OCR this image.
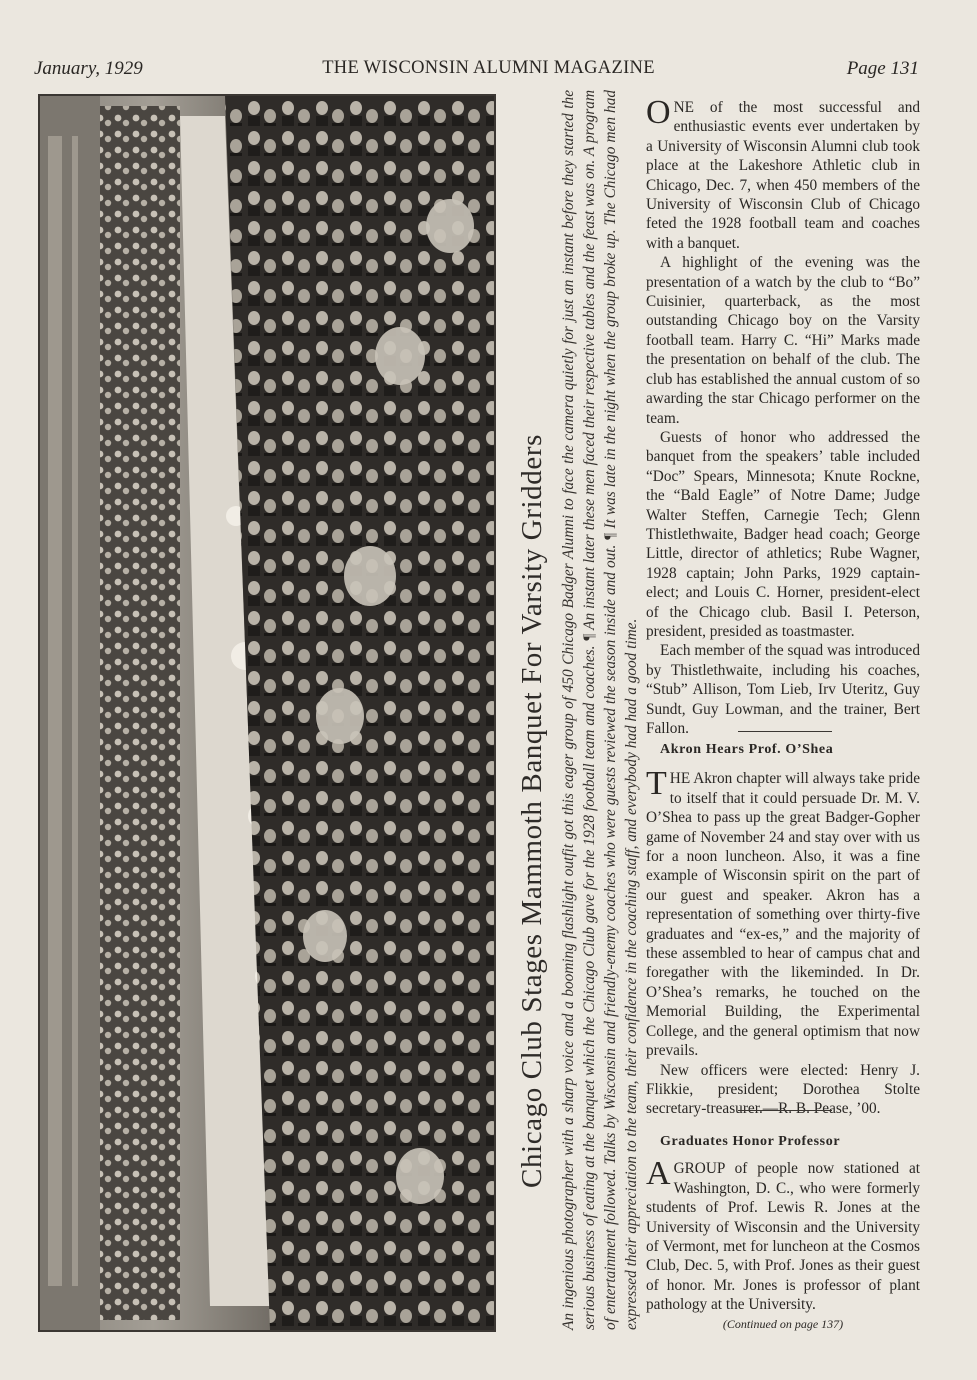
January, 1929	THE WISCONSIN ALUMNI MAGAZINE	Page 131
Chicago Club Stages Mammoth Banquet For Varsity Gridders An ingenious photographer with a sharp voice and a booming flashlight outfit got this eager group of 450 Chicago Badger Alumni to face the camera quietly for just an instant before they started the serious business of eating at the banquet which the Chicago Club gave for the 1928 football team and coaches. ¶ An instant later these men faced their respective tables and the feast was on. A program of entertainment followed. Talks by Wisconsin and friendly-enemy coaches who were guests reviewed the season inside and out. ¶ It was late in the night when the group broke up. The Chicago men had expressed their appreciation to the team, their confidence in the coaching staff, and everybody had had a good time.

ONE of the most successful and enthusiastic events ever undertaken by a University of Wisconsin Alumni club took place at the Lakeshore Athletic club in Chicago, Dec. 7, when 450 members of the University of Wisconsin Club of Chicago feted the 1928 football team and coaches with a banquet.

A highlight of the evening was the presentation of a watch by the club to “Bo” Cuisinier, quarterback, as the most outstanding Chicago boy on the Varsity football team. Harry C. “Hi” Marks made the presentation on behalf of the club. The club has established the annual custom of so awarding the star Chicago performer on the team.

Guests of honor who addressed the banquet from the speakers’ table included “Doc” Spears, Minnesota; Knute Rockne, the “Bald Eagle” of Notre Dame; Judge Walter Steffen, Carnegie Tech; Glenn Thistlethwaite, Badger head coach; George Little, director of athletics; Rube Wagner, 1928 captain; John Parks, 1929 captain-elect; and Louis C. Horner, president-elect of the Chicago club. Basil I. Peterson, president, presided as toastmaster.

Each member of the squad was introduced by Thistlethwaite, including his coaches, “Stub” Allison, Tom Lieb, Irv Uteritz, Guy Sundt, Guy Lowman, and the trainer, Bert Fallon.

Akron Hears Prof. O’Shea

THE Akron chapter will always take pride to itself that it could persuade Dr. M. V. O’Shea to pass up the great Badger-Gopher game of November 24 and stay over with us for a noon luncheon. Also, it was a fine example of Wisconsin spirit on the part of our guest and speaker. Akron has a representation of something over thirty-five graduates and “ex-es,” and the majority of these assembled to hear of campus chat and foregather with the likeminded. In Dr. O’Shea’s remarks, he touched on the Memorial Building, the Experimental College, and the general optimism that now prevails.

New officers were elected: Henry J. Flikkie, president; Dorothea Stolte secretary-treasurer.—R. B. Pease, ’00.

Graduates Honor Professor

AGROUP of people now stationed at Washington, D. C., who were formerly students of Prof. Lewis R. Jones at the University of Wisconsin and the University of Vermont, met for luncheon at the Cosmos Club, Dec. 5, with Prof. Jones as their guest of honor. Mr. Jones is professor of plant pathology at the University.

(Continued on page 137)
